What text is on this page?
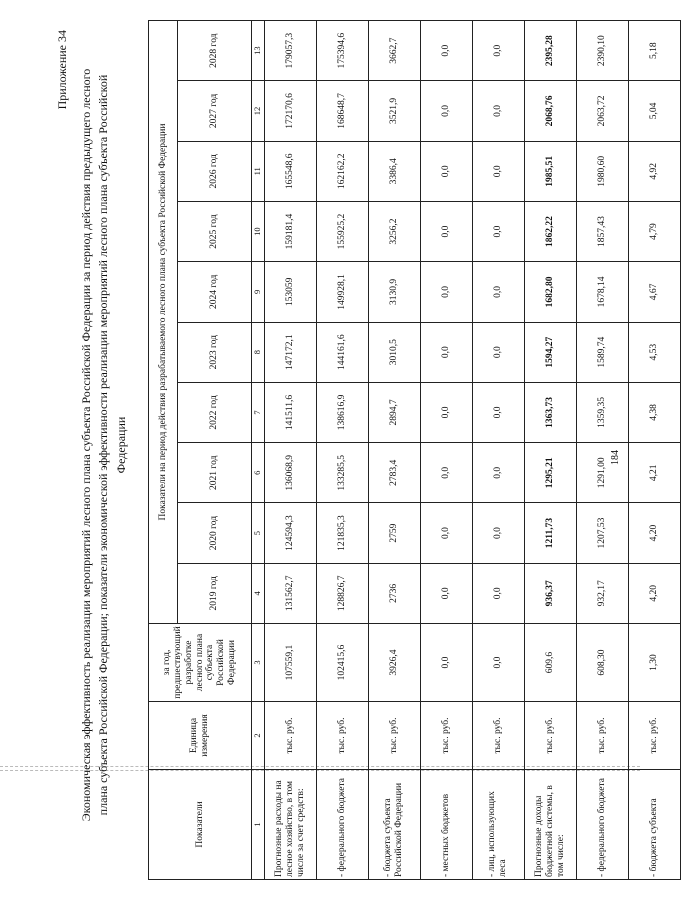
Приложение 34 Экономическая эффективность реализации мероприятий лесного плана субъекта Российской Федерации за период действия предыдущего лесного плана субъекта Российской Федерации; показатели экономической эффективности реализации мероприятий лесного плана субъекта Российской Федерации
Показатели	Единица измерения	за год, предшествующий разработке лесного плана субъекта Российской Федерации	Показатели на период действия разрабатываемого лесного плана субъекта Российской Федерации									
			2019 год	2020 год	2021 год	2022 год	2023 год	2024 год	2025 год	2026 год	2027 год	2028 год
1	2	3	4	5	6	7	8	9	10	11	12	13
Прогнозные расходы на лесное хозяйство, в том числе за счет средств:	тыс. руб.	107559,1	131562,7	124594,3	136068,9	141511,6	147172,1	153059	159181,4	165548,6	172170,6	179057,3
- федерального бюджета	тыс. руб.	102415,6	128826,7	121835,3	133285,5	138616,9	144161,6	149928,1	155925,2	162162,2	168648,7	175394,6
- бюджета субъекта Российской Федерации	тыс. руб.	3926,4	2736	2759	2783,4	2894,7	3010,5	3130,9	3256,2	3386,4	3521,9	3662,7
- местных бюджетов	тыс. руб.	0,0	0,0	0,0	0,0	0,0	0,0	0,0	0,0	0,0	0,0	0,0
- лиц, использующих леса	тыс. руб.	0,0	0,0	0,0	0,0	0,0	0,0	0,0	0,0	0,0	0,0	0,0
Прогнозные доходы бюджетной системы, в том числе:	тыс. руб.	609,6	936,37	1211,73	1295,21	1363,73	1594,27	1682,80	1862,22	1985,51	2068,76	2395,28
- федерального бюджета	тыс. руб.	608,30	932,17	1207,53	1291,00	1359,35	1589,74	1678,14	1857,43	1980,60	2063,72	2390,10
- бюджета субъекта	тыс. руб.	1,30	4,20	4,20	4,21	4,38	4,53	4,67	4,79	4,92	5,04	5,18
184
